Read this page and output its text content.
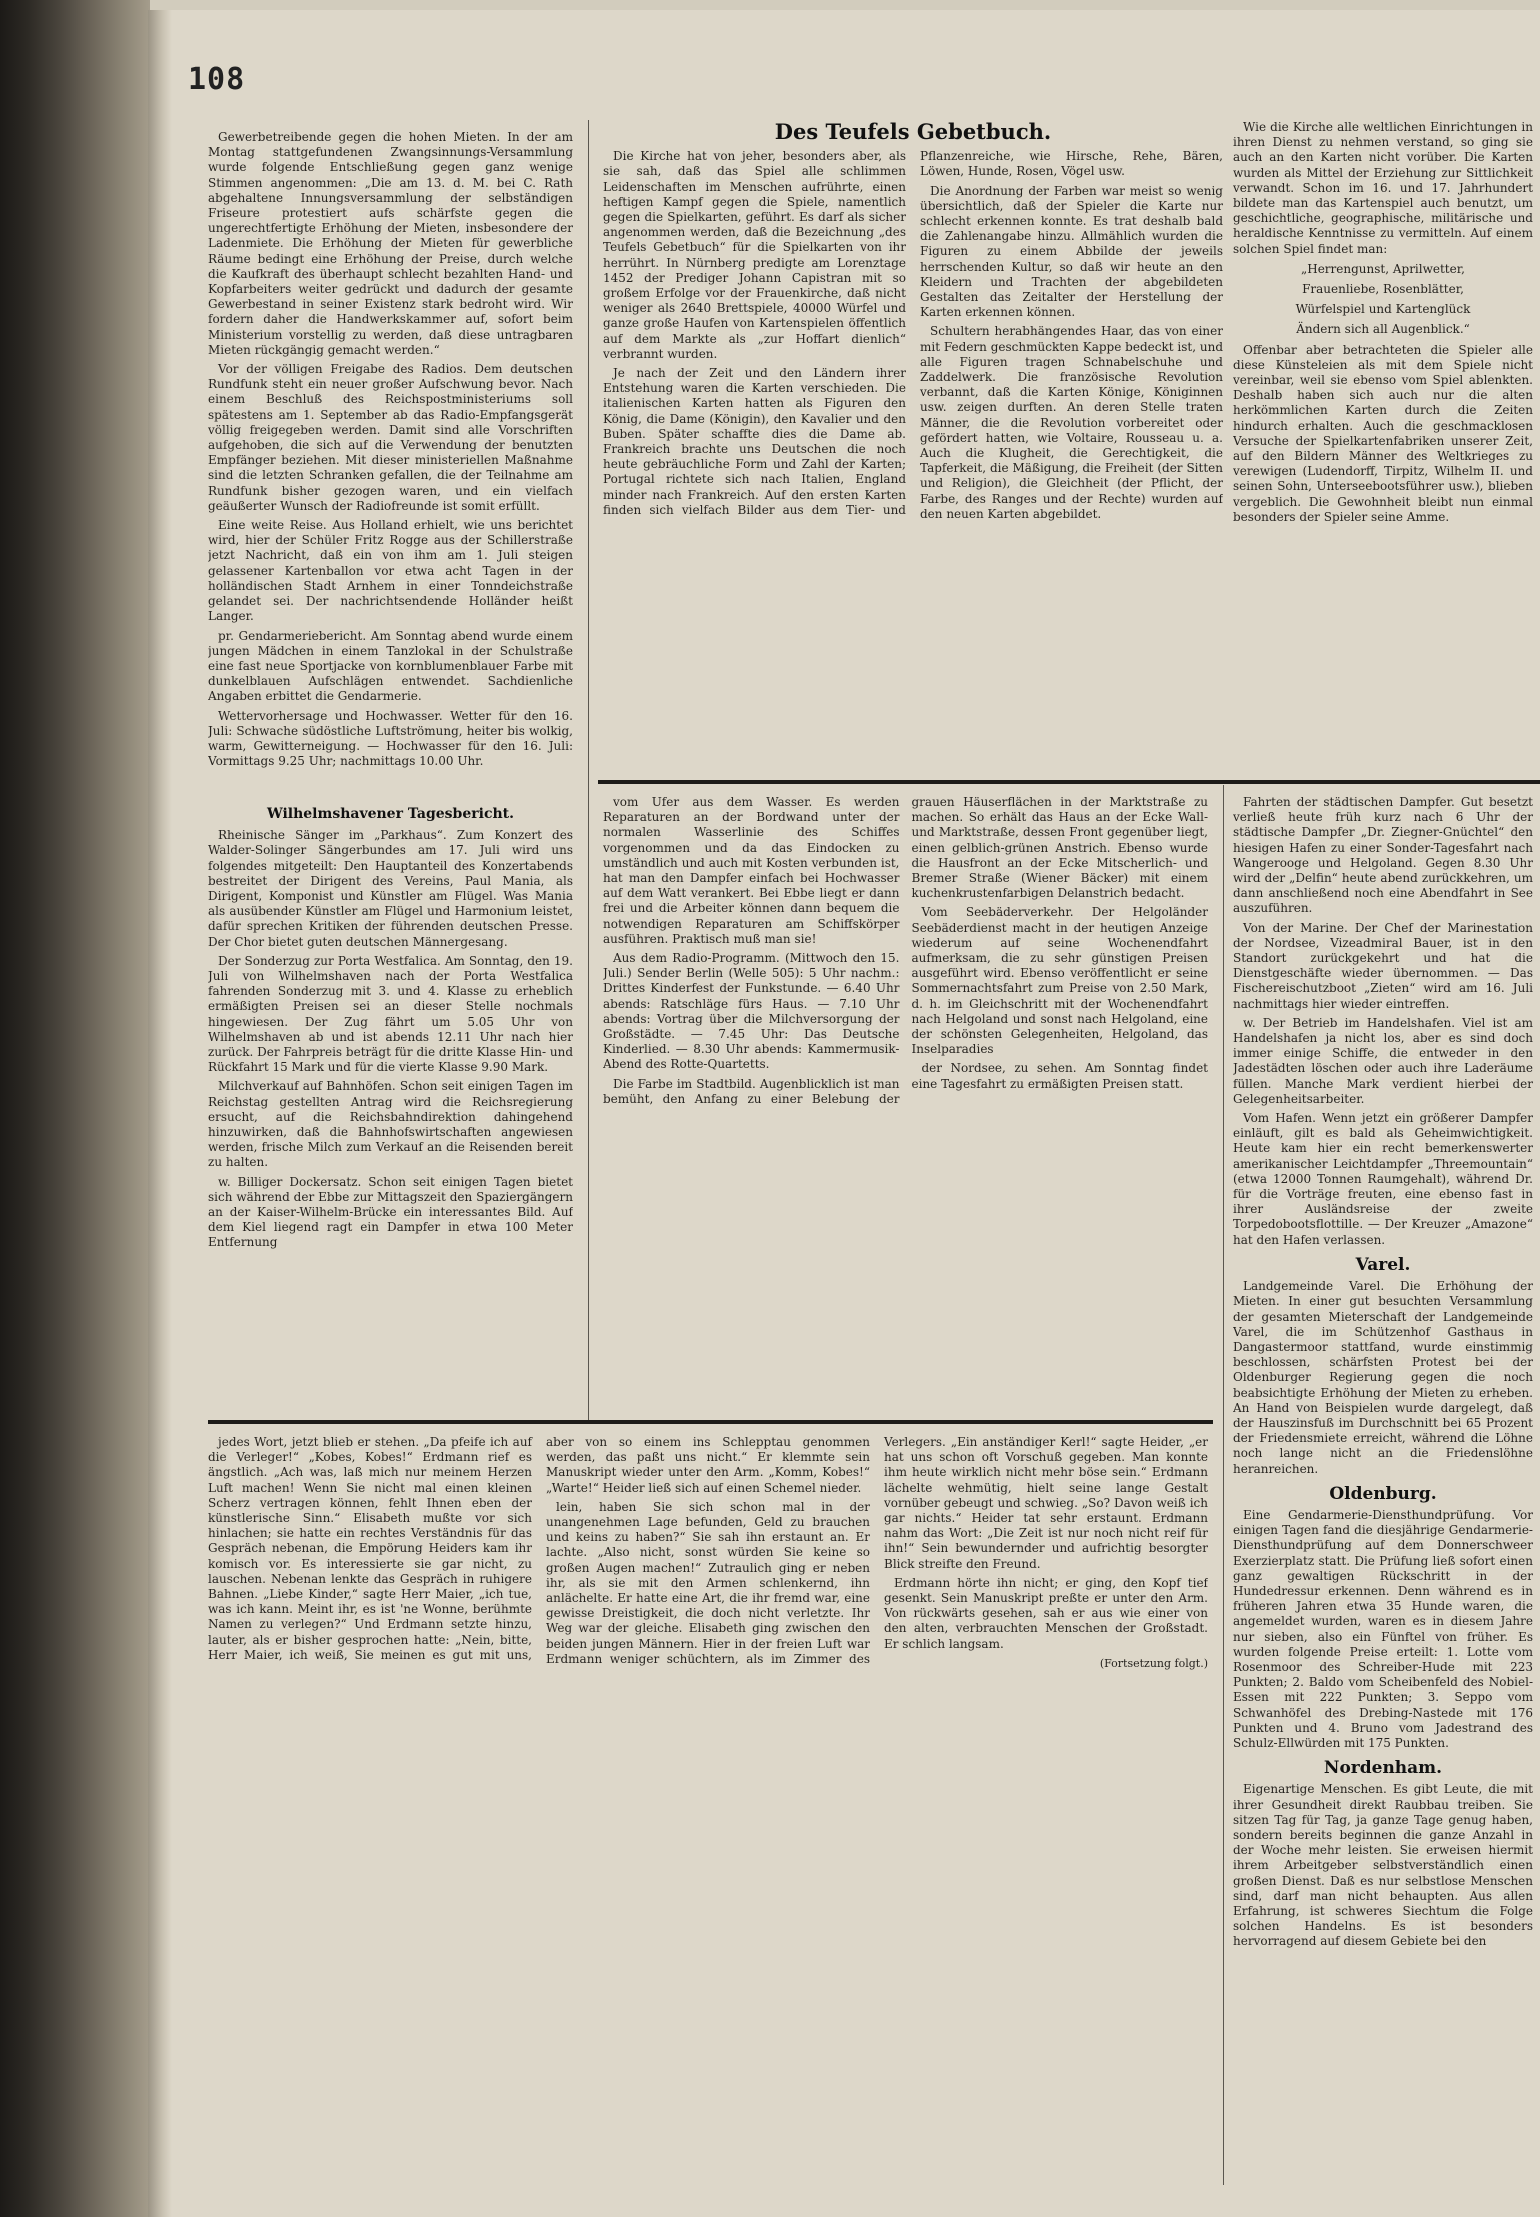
108

Gewerbetreibende gegen die hohen Mieten. In der am Montag stattgefundenen Zwangsinnungs-Versammlung wurde folgende Entschließung gegen ganz wenige Stimmen angenommen: „Die am 13. d. M. bei C. Rath abgehaltene Innungsversammlung der selbständigen Friseure protestiert aufs schärfste gegen die ungerechtfertigte Erhöhung der Mieten, insbesondere der Ladenmiete. Die Erhöhung der Mieten für gewerbliche Räume bedingt eine Erhöhung der Preise, durch welche die Kaufkraft des überhaupt schlecht bezahlten Hand- und Kopfarbeiters weiter gedrückt und dadurch der gesamte Gewerbestand in seiner Existenz stark bedroht wird. Wir fordern daher die Handwerkskammer auf, sofort beim Ministerium vorstellig zu werden, daß diese untragbaren Mieten rückgängig gemacht werden.“

Vor der völligen Freigabe des Radios. Dem deutschen Rundfunk steht ein neuer großer Aufschwung bevor. Nach einem Beschluß des Reichspostministeriums soll spätestens am 1. September ab das Radio-Empfangsgerät völlig freigegeben werden. Damit sind alle Vorschriften aufgehoben, die sich auf die Verwendung der benutzten Empfänger beziehen. Mit dieser ministeriellen Maßnahme sind die letzten Schranken gefallen, die der Teilnahme am Rundfunk bisher gezogen waren, und ein vielfach geäußerter Wunsch der Radiofreunde ist somit erfüllt.

Eine weite Reise. Aus Holland erhielt, wie uns berichtet wird, hier der Schüler Fritz Rogge aus der Schillerstraße jetzt Nachricht, daß ein von ihm am 1. Juli steigen gelassener Kartenballon vor etwa acht Tagen in der holländischen Stadt Arnhem in einer Tonndeichstraße gelandet sei. Der nachrichtsendende Holländer heißt Langer.

pr. Gendarmeriebericht. Am Sonntag abend wurde einem jungen Mädchen in einem Tanzlokal in der Schulstraße eine fast neue Sportjacke von kornblumenblauer Farbe mit dunkelblauen Aufschlägen entwendet. Sachdienliche Angaben erbittet die Gendarmerie.

Wettervorhersage und Hochwasser. Wetter für den 16. Juli: Schwache südöstliche Luftströmung, heiter bis wolkig, warm, Gewitterneigung. — Hochwasser für den 16. Juli: Vormittags 9.25 Uhr; nachmittags 10.00 Uhr.

Wilhelmshavener Tagesbericht.

Rheinische Sänger im „Parkhaus“. Zum Konzert des Walder-Solinger Sängerbundes am 17. Juli wird uns folgendes mitgeteilt: Den Hauptanteil des Konzertabends bestreitet der Dirigent des Vereins, Paul Mania, als Dirigent, Komponist und Künstler am Flügel. Was Mania als ausübender Künstler am Flügel und Harmonium leistet, dafür sprechen Kritiken der führenden deutschen Presse. Der Chor bietet guten deutschen Männergesang.

Der Sonderzug zur Porta Westfalica. Am Sonntag, den 19. Juli von Wilhelmshaven nach der Porta Westfalica fahrenden Sonderzug mit 3. und 4. Klasse zu erheblich ermäßigten Preisen sei an dieser Stelle nochmals hingewiesen. Der Zug fährt um 5.05 Uhr von Wilhelmshaven ab und ist abends 12.11 Uhr nach hier zurück. Der Fahrpreis beträgt für die dritte Klasse Hin- und Rückfahrt 15 Mark und für die vierte Klasse 9.90 Mark.

Milchverkauf auf Bahnhöfen. Schon seit einigen Tagen im Reichstag gestellten Antrag wird die Reichsregierung ersucht, auf die Reichsbahndirektion dahingehend hinzuwirken, daß die Bahnhofswirtschaften angewiesen werden, frische Milch zum Verkauf an die Reisenden bereit zu halten.

w. Billiger Dockersatz. Schon seit einigen Tagen bietet sich während der Ebbe zur Mittagszeit den Spaziergängern an der Kaiser-Wilhelm-Brücke ein interessantes Bild. Auf dem Kiel liegend ragt ein Dampfer in etwa 100 Meter Entfernung

Des Teufels Gebetbuch.

Die Kirche hat von jeher, besonders aber, als sie sah, daß das Spiel alle schlimmen Leidenschaften im Menschen aufrührte, einen heftigen Kampf gegen die Spiele, namentlich gegen die Spielkarten, geführt. Es darf als sicher angenommen werden, daß die Bezeichnung „des Teufels Gebetbuch“ für die Spielkarten von ihr herrührt. In Nürnberg predigte am Lorenztage 1452 der Prediger Johann Capistran mit so großem Erfolge vor der Frauenkirche, daß nicht weniger als 2640 Brettspiele, 40000 Würfel und ganze große Haufen von Kartenspielen öffentlich auf dem Markte als „zur Hoffart dienlich“ verbrannt wurden.

Je nach der Zeit und den Ländern ihrer Entstehung waren die Karten verschieden. Die italienischen Karten hatten als Figuren den König, die Dame (Königin), den Kavalier und den Buben. Später schaffte dies die Dame ab. Frankreich brachte uns Deutschen die noch heute gebräuchliche Form und Zahl der Karten; Portugal richtete sich nach Italien, England minder nach Frankreich. Auf den ersten Karten finden sich vielfach Bilder aus dem Tier- und Pflanzenreiche, wie Hirsche, Rehe, Bären, Löwen, Hunde, Rosen, Vögel usw.

Die Anordnung der Farben war meist so wenig übersichtlich, daß der Spieler die Karte nur schlecht erkennen konnte. Es trat deshalb bald die Zahlenangabe hinzu. Allmählich wurden die Figuren zu einem Abbilde der jeweils herrschenden Kultur, so daß wir heute an den Kleidern und Trachten der abgebildeten Gestalten das Zeitalter der Herstellung der Karten erkennen können.

Schultern herabhängendes Haar, das von einer mit Federn geschmückten Kappe bedeckt ist, und alle Figuren tragen Schnabelschuhe und Zaddelwerk. Die französische Revolution verbannt, daß die Karten Könige, Königinnen usw. zeigen durften. An deren Stelle traten Männer, die die Revolution vorbereitet oder gefördert hatten, wie Voltaire, Rousseau u. a. Auch die Klugheit, die Gerechtigkeit, die Tapferkeit, die Mäßigung, die Freiheit (der Sitten und Religion), die Gleichheit (der Pflicht, der Farbe, des Ranges und der Rechte) wurden auf den neuen Karten abgebildet.

Wie die Kirche alle weltlichen Einrichtungen in ihren Dienst zu nehmen verstand, so ging sie auch an den Karten nicht vorüber. Die Karten wurden als Mittel der Erziehung zur Sittlichkeit verwandt. Schon im 16. und 17. Jahrhundert bildete man das Kartenspiel auch benutzt, um geschichtliche, geographische, militärische und heraldische Kenntnisse zu vermitteln. Auf einem solchen Spiel findet man:

„Herrengunst, Aprilwetter,
Frauenliebe, Rosenblätter,
Würfelspiel und Kartenglück
Ändern sich all Augenblick.“

Offenbar aber betrachteten die Spieler alle diese Künsteleien als mit dem Spiele nicht vereinbar, weil sie ebenso vom Spiel ablenkten. Deshalb haben sich auch nur die alten herkömmlichen Karten durch die Zeiten hindurch erhalten. Auch die geschmacklosen Versuche der Spielkartenfabriken unserer Zeit, auf den Bildern Männer des Weltkrieges zu verewigen (Ludendorff, Tirpitz, Wilhelm II. und seinen Sohn, Unterseebootsführer usw.), blieben vergeblich. Die Gewohnheit bleibt nun einmal besonders der Spieler seine Amme.

vom Ufer aus dem Wasser. Es werden Reparaturen an der Bordwand unter der normalen Wasserlinie des Schiffes vorgenommen und da das Eindocken zu umständlich und auch mit Kosten verbunden ist, hat man den Dampfer einfach bei Hochwasser auf dem Watt verankert. Bei Ebbe liegt er dann frei und die Arbeiter können dann bequem die notwendigen Reparaturen am Schiffskörper ausführen. Praktisch muß man sie!

Aus dem Radio-Programm. (Mittwoch den 15. Juli.) Sender Berlin (Welle 505): 5 Uhr nachm.: Drittes Kinderfest der Funkstunde. — 6.40 Uhr abends: Ratschläge fürs Haus. — 7.10 Uhr abends: Vortrag über die Milchversorgung der Großstädte. — 7.45 Uhr: Das Deutsche Kinderlied. — 8.30 Uhr abends: Kammermusik-Abend des Rotte-Quartetts.

Die Farbe im Stadtbild. Augenblicklich ist man bemüht, den Anfang zu einer Belebung der grauen Häuserflächen in der Marktstraße zu machen. So erhält das Haus an der Ecke Wall- und Marktstraße, dessen Front gegenüber liegt, einen gelblich-grünen Anstrich. Ebenso wurde die Hausfront an der Ecke Mitscherlich- und Bremer Straße (Wiener Bäcker) mit einem kuchenkrustenfarbigen Delanstrich bedacht.

Vom Seebäderverkehr. Der Helgoländer Seebäderdienst macht in der heutigen Anzeige wiederum auf seine Wochenendfahrt aufmerksam, die zu sehr günstigen Preisen ausgeführt wird. Ebenso veröffentlicht er seine Sommernachtsfahrt zum Preise von 2.50 Mark, d. h. im Gleichschritt mit der Wochenendfahrt nach Helgoland und sonst nach Helgoland, eine der schönsten Gelegenheiten, Helgoland, das Inselparadies

der Nordsee, zu sehen. Am Sonntag findet eine Tagesfahrt zu ermäßigten Preisen statt.

Fahrten der städtischen Dampfer. Gut besetzt verließ heute früh kurz nach 6 Uhr der städtische Dampfer „Dr. Ziegner-Gnüchtel“ den hiesigen Hafen zu einer Sonder-Tagesfahrt nach Wangerooge und Helgoland. Gegen 8.30 Uhr wird der „Delfin“ heute abend zurückkehren, um dann anschließend noch eine Abendfahrt in See auszuführen.

Von der Marine. Der Chef der Marinestation der Nordsee, Vizeadmiral Bauer, ist in den Standort zurückgekehrt und hat die Dienstgeschäfte wieder übernommen. — Das Fischereischutzboot „Zieten“ wird am 16. Juli nachmittags hier wieder eintreffen.

w. Der Betrieb im Handelshafen. Viel ist am Handelshafen ja nicht los, aber es sind doch immer einige Schiffe, die entweder in den Jadestädten löschen oder auch ihre Laderäume füllen. Manche Mark verdient hierbei der Gelegenheitsarbeiter.

Vom Hafen. Wenn jetzt ein größerer Dampfer einläuft, gilt es bald als Geheimwichtigkeit. Heute kam hier ein recht bemerkenswerter amerikanischer Leichtdampfer „Threemountain“ (etwa 12000 Tonnen Raumgehalt), während Dr. für die Vorträge freuten, eine ebenso fast in ihrer Ausländsreise der zweite Torpedobootsflottille. — Der Kreuzer „Amazone“ hat den Hafen verlassen.

Varel.

Landgemeinde Varel. Die Erhöhung der Mieten. In einer gut besuchten Versammlung der gesamten Mieterschaft der Landgemeinde Varel, die im Schützenhof Gasthaus in Dangastermoor stattfand, wurde einstimmig beschlossen, schärfsten Protest bei der Oldenburger Regierung gegen die noch beabsichtigte Erhöhung der Mieten zu erheben. An Hand von Beispielen wurde dargelegt, daß der Hauszinsfuß im Durchschnitt bei 65 Prozent der Friedensmiete erreicht, während die Löhne noch lange nicht an die Friedenslöhne heranreichen.

Oldenburg.

Eine Gendarmerie-Diensthundprüfung. Vor einigen Tagen fand die diesjährige Gendarmerie-Diensthundprüfung auf dem Donnerschweer Exerzierplatz statt. Die Prüfung ließ sofort einen ganz gewaltigen Rückschritt in der Hundedressur erkennen. Denn während es in früheren Jahren etwa 35 Hunde waren, die angemeldet wurden, waren es in diesem Jahre nur sieben, also ein Fünftel von früher. Es wurden folgende Preise erteilt: 1. Lotte vom Rosenmoor des Schreiber-Hude mit 223 Punkten; 2. Baldo vom Scheibenfeld des Nobiel-Essen mit 222 Punkten; 3. Seppo vom Schwanhöfel des Drebing-Nastede mit 176 Punkten und 4. Bruno vom Jadestrand des Schulz-Ellwürden mit 175 Punkten.

Nordenham.

Eigenartige Menschen. Es gibt Leute, die mit ihrer Gesundheit direkt Raubbau treiben. Sie sitzen Tag für Tag, ja ganze Tage genug haben, sondern bereits beginnen die ganze Anzahl in der Woche mehr leisten. Sie erweisen hiermit ihrem Arbeitgeber selbstverständlich einen großen Dienst. Daß es nur selbstlose Menschen sind, darf man nicht behaupten. Aus allen Erfahrung, ist schweres Siechtum die Folge solchen Handelns. Es ist besonders hervorragend auf diesem Gebiete bei den

jedes Wort, jetzt blieb er stehen. „Da pfeife ich auf die Verleger!“ „Kobes, Kobes!“ Erdmann rief es ängstlich. „Ach was, laß mich nur meinem Herzen Luft machen! Wenn Sie nicht mal einen kleinen Scherz vertragen können, fehlt Ihnen eben der künstlerische Sinn.“ Elisabeth mußte vor sich hinlachen; sie hatte ein rechtes Verständnis für das Gespräch nebenan, die Empörung Heiders kam ihr komisch vor. Es interessierte sie gar nicht, zu lauschen. Nebenan lenkte das Gespräch in ruhigere Bahnen. „Liebe Kinder,“ sagte Herr Maier, „ich tue, was ich kann. Meint ihr, es ist 'ne Wonne, berühmte Namen zu verlegen?“ Und Erdmann setzte hinzu, lauter, als er bisher gesprochen hatte: „Nein, bitte, Herr Maier, ich weiß, Sie meinen es gut mit uns, aber von so einem ins Schlepptau genommen werden, das paßt uns nicht.“ Er klemmte sein Manuskript wieder unter den Arm. „Komm, Kobes!“ „Warte!“ Heider ließ sich auf einen Schemel nieder.

lein, haben Sie sich schon mal in der unangenehmen Lage befunden, Geld zu brauchen und keins zu haben?“ Sie sah ihn erstaunt an. Er lachte. „Also nicht, sonst würden Sie keine so großen Augen machen!“ Zutraulich ging er neben ihr, als sie mit den Armen schlenkernd, ihn anlächelte. Er hatte eine Art, die ihr fremd war, eine gewisse Dreistigkeit, die doch nicht verletzte. Ihr Weg war der gleiche. Elisabeth ging zwischen den beiden jungen Männern. Hier in der freien Luft war Erdmann weniger schüchtern, als im Zimmer des Verlegers. „Ein anständiger Kerl!“ sagte Heider, „er hat uns schon oft Vorschuß gegeben. Man konnte ihm heute wirklich nicht mehr böse sein.“ Erdmann lächelte wehmütig, hielt seine lange Gestalt vornüber gebeugt und schwieg. „So? Davon weiß ich gar nichts.“ Heider tat sehr erstaunt. Erdmann nahm das Wort: „Die Zeit ist nur noch nicht reif für ihn!“ Sein bewundernder und aufrichtig besorgter Blick streifte den Freund.

Erdmann hörte ihn nicht; er ging, den Kopf tief gesenkt. Sein Manuskript preßte er unter den Arm. Von rückwärts gesehen, sah er aus wie einer von den alten, verbrauchten Menschen der Großstadt. Er schlich langsam.

(Fortsetzung folgt.)
